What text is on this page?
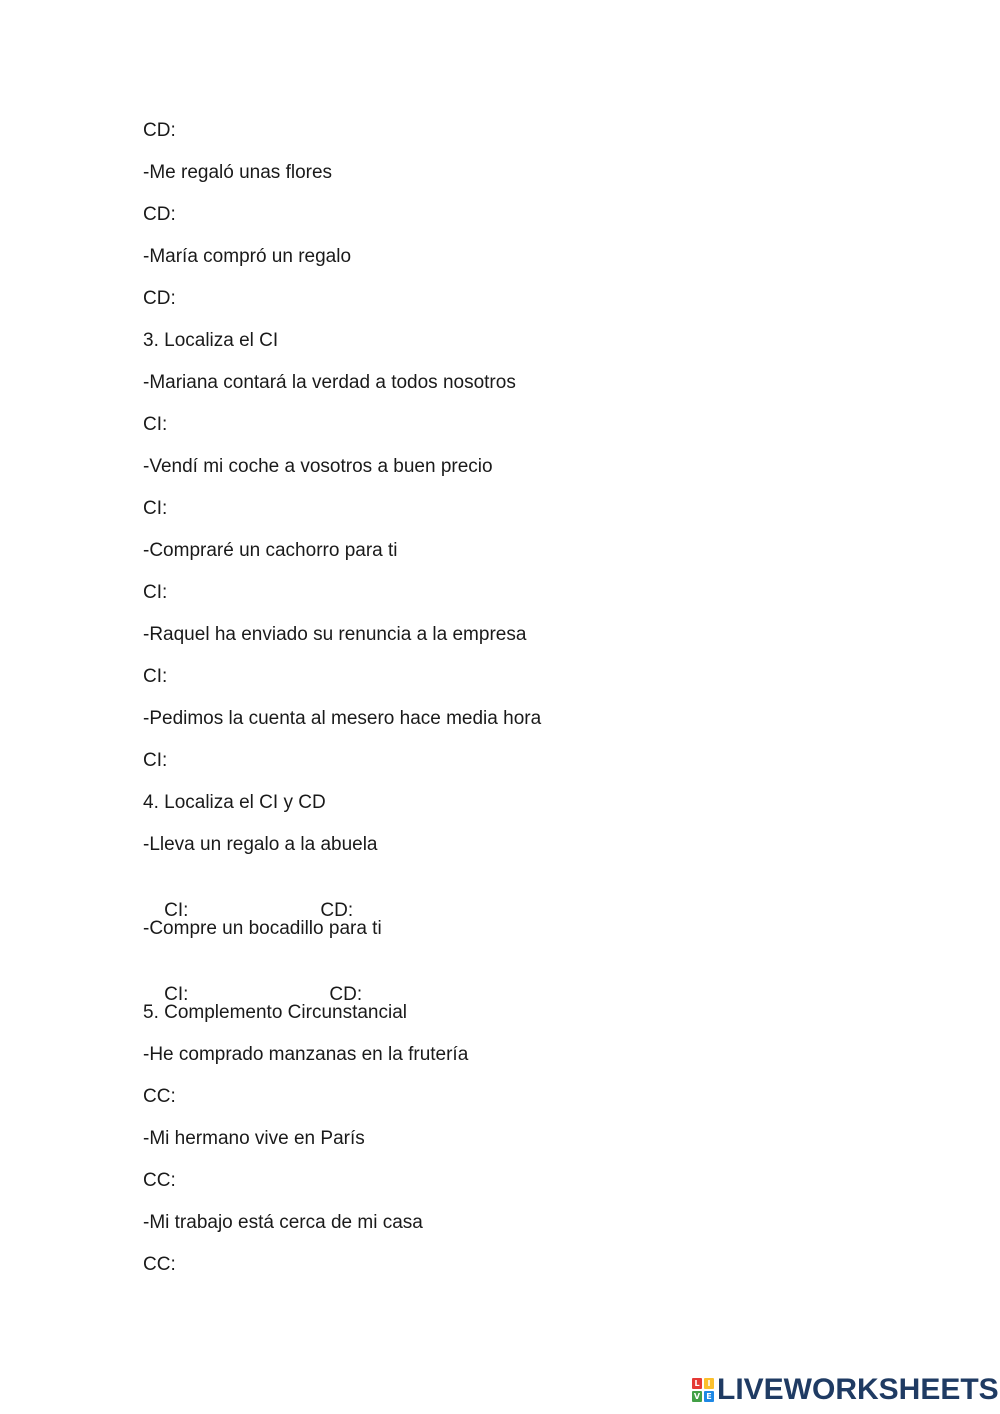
CD:
-Me regaló unas flores
CD:
-María compró un regalo
CD:
3. Localiza el CI
-Mariana contará la verdad a todos nosotros
CI:
-Vendí mi coche a vosotros a buen precio
CI:
-Compraré un cachorro para ti
CI:
-Raquel ha enviado su renuncia a la empresa
CI:
-Pedimos la cuenta al mesero hace media hora
CI:
4. Localiza el CI y CD
-Lleva un regalo a la abuela

CI:	CD:

-Compre un bocadillo para ti

CI:	CD:

5. Complemento Circunstancial
-He comprado manzanas en la frutería
CC:
-Mi hermano vive en París
CC:
-Mi trabajo está cerca de mi casa
CC:
L I
V E LIVEWORKSHEETS
